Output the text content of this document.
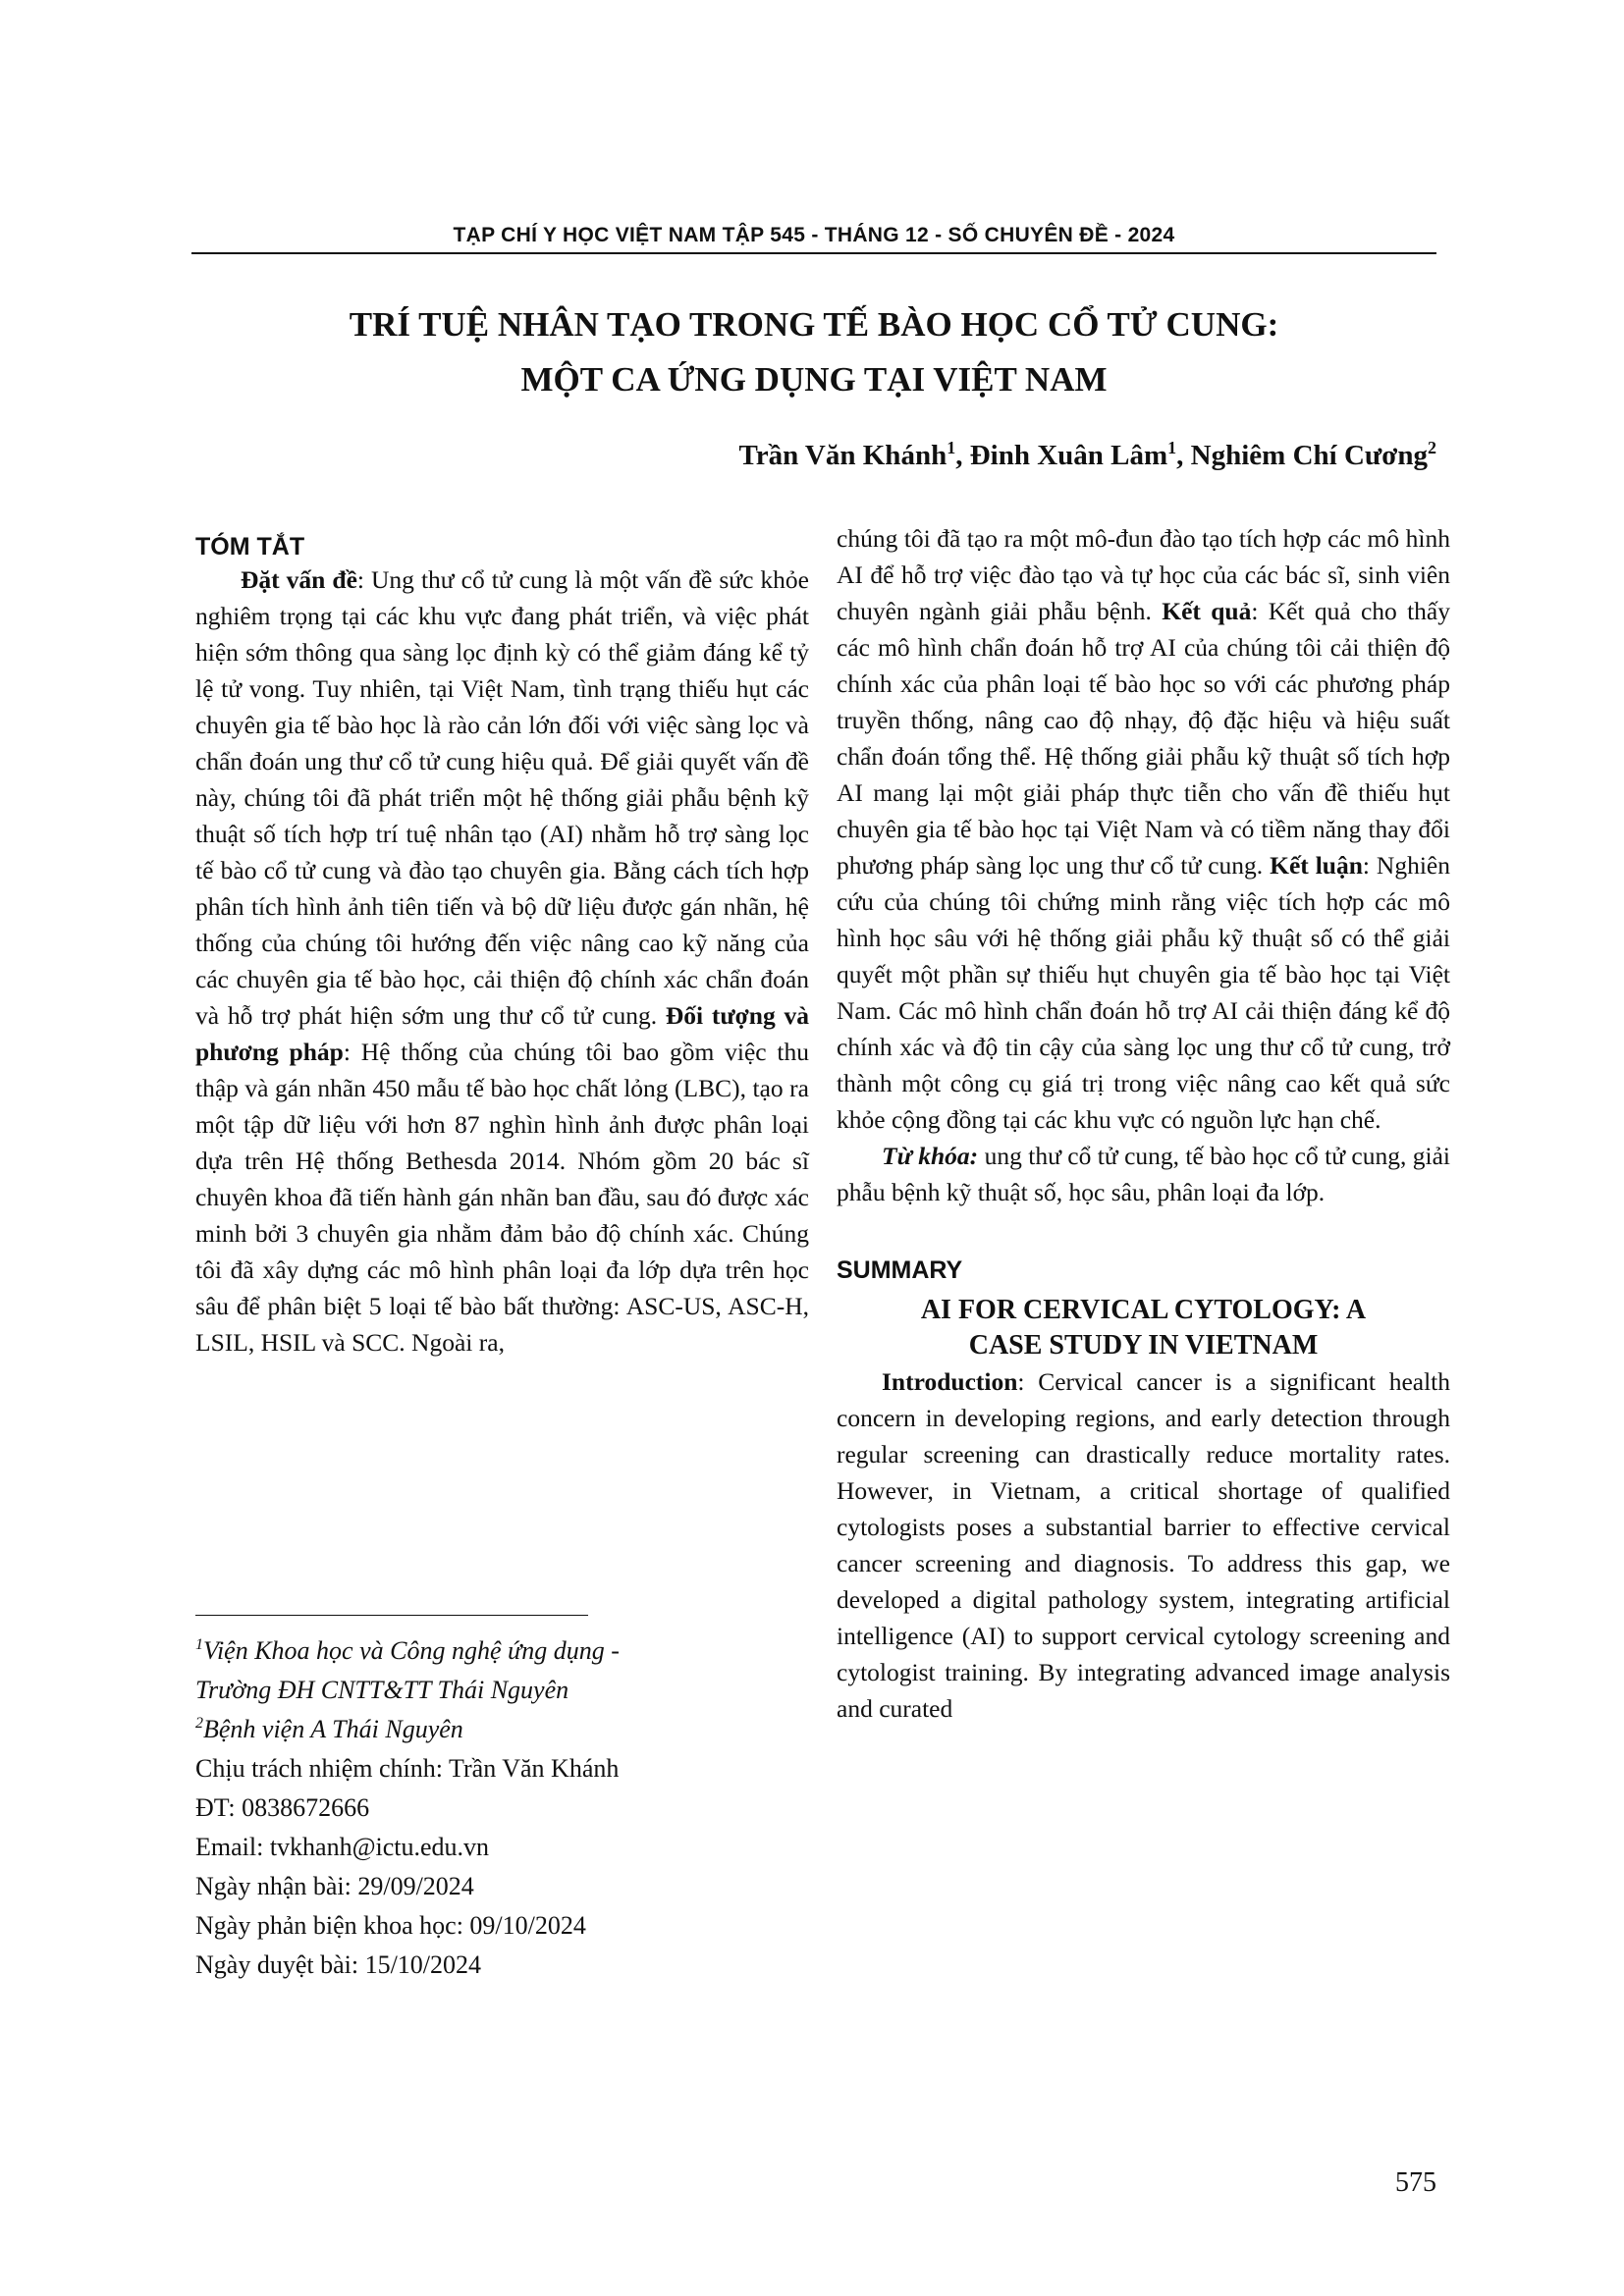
TẠP CHÍ Y HỌC VIỆT NAM TẬP 545 - THÁNG 12 - SỐ CHUYÊN ĐỀ - 2024
TRÍ TUỆ NHÂN TẠO TRONG TẾ BÀO HỌC CỔ TỬ CUNG:
MỘT CA ỨNG DỤNG TẠI VIỆT NAM
Trần Văn Khánh$^1$, Đinh Xuân Lâm$^1$, Nghiêm Chí Cương$^2$
TÓM TẮT

Đặt vấn đề: Ung thư cổ tử cung là một vấn đề sức khỏe nghiêm trọng tại các khu vực đang phát triển, và việc phát hiện sớm thông qua sàng lọc định kỳ có thể giảm đáng kể tỷ lệ tử vong. Tuy nhiên, tại Việt Nam, tình trạng thiếu hụt các chuyên gia tế bào học là rào cản lớn đối với việc sàng lọc và chẩn đoán ung thư cổ tử cung hiệu quả. Để giải quyết vấn đề này, chúng tôi đã phát triển một hệ thống giải phẫu bệnh kỹ thuật số tích hợp trí tuệ nhân tạo (AI) nhằm hỗ trợ sàng lọc tế bào cổ tử cung và đào tạo chuyên gia. Bằng cách tích hợp phân tích hình ảnh tiên tiến và bộ dữ liệu được gán nhãn, hệ thống của chúng tôi hướng đến việc nâng cao kỹ năng của các chuyên gia tế bào học, cải thiện độ chính xác chẩn đoán và hỗ trợ phát hiện sớm ung thư cổ tử cung. Đối tượng và phương pháp: Hệ thống của chúng tôi bao gồm việc thu thập và gán nhãn 450 mẫu tế bào học chất lỏng (LBC), tạo ra một tập dữ liệu với hơn 87 nghìn hình ảnh được phân loại dựa trên Hệ thống Bethesda 2014. Nhóm gồm 20 bác sĩ chuyên khoa đã tiến hành gán nhãn ban đầu, sau đó được xác minh bởi 3 chuyên gia nhằm đảm bảo độ chính xác. Chúng tôi đã xây dựng các mô hình phân loại đa lớp dựa trên học sâu để phân biệt 5 loại tế bào bất thường: ASC-US, ASC-H, LSIL, HSIL và SCC. Ngoài ra,

$^1$Viện Khoa học và Công nghệ ứng dụng -
Trường ĐH CNTT&TT Thái Nguyên
$^2$Bệnh viện A Thái Nguyên
Chịu trách nhiệm chính: Trần Văn Khánh
ĐT: 0838672666
Email: tvkhanh@ictu.edu.vn
Ngày nhận bài: 29/09/2024
Ngày phản biện khoa học: 09/10/2024
Ngày duyệt bài: 15/10/2024

chúng tôi đã tạo ra một mô-đun đào tạo tích hợp các mô hình AI để hỗ trợ việc đào tạo và tự học của các bác sĩ, sinh viên chuyên ngành giải phẫu bệnh. Kết quả: Kết quả cho thấy các mô hình chẩn đoán hỗ trợ AI của chúng tôi cải thiện độ chính xác của phân loại tế bào học so với các phương pháp truyền thống, nâng cao độ nhạy, độ đặc hiệu và hiệu suất chẩn đoán tổng thể. Hệ thống giải phẫu kỹ thuật số tích hợp AI mang lại một giải pháp thực tiễn cho vấn đề thiếu hụt chuyên gia tế bào học tại Việt Nam và có tiềm năng thay đổi phương pháp sàng lọc ung thư cổ tử cung. Kết luận: Nghiên cứu của chúng tôi chứng minh rằng việc tích hợp các mô hình học sâu với hệ thống giải phẫu kỹ thuật số có thể giải quyết một phần sự thiếu hụt chuyên gia tế bào học tại Việt Nam. Các mô hình chẩn đoán hỗ trợ AI cải thiện đáng kể độ chính xác và độ tin cậy của sàng lọc ung thư cổ tử cung, trở thành một công cụ giá trị trong việc nâng cao kết quả sức khỏe cộng đồng tại các khu vực có nguồn lực hạn chế.

Từ khóa: ung thư cổ tử cung, tế bào học cổ tử cung, giải phẫu bệnh kỹ thuật số, học sâu, phân loại đa lớp.

SUMMARY
AI FOR CERVICAL CYTOLOGY: A
CASE STUDY IN VIETNAM

Introduction: Cervical cancer is a significant health concern in developing regions, and early detection through regular screening can drastically reduce mortality rates. However, in Vietnam, a critical shortage of qualified cytologists poses a substantial barrier to effective cervical cancer screening and diagnosis. To address this gap, we developed a digital pathology system, integrating artificial intelligence (AI) to support cervical cytology screening and cytologist training. By integrating advanced image analysis and curated

575
